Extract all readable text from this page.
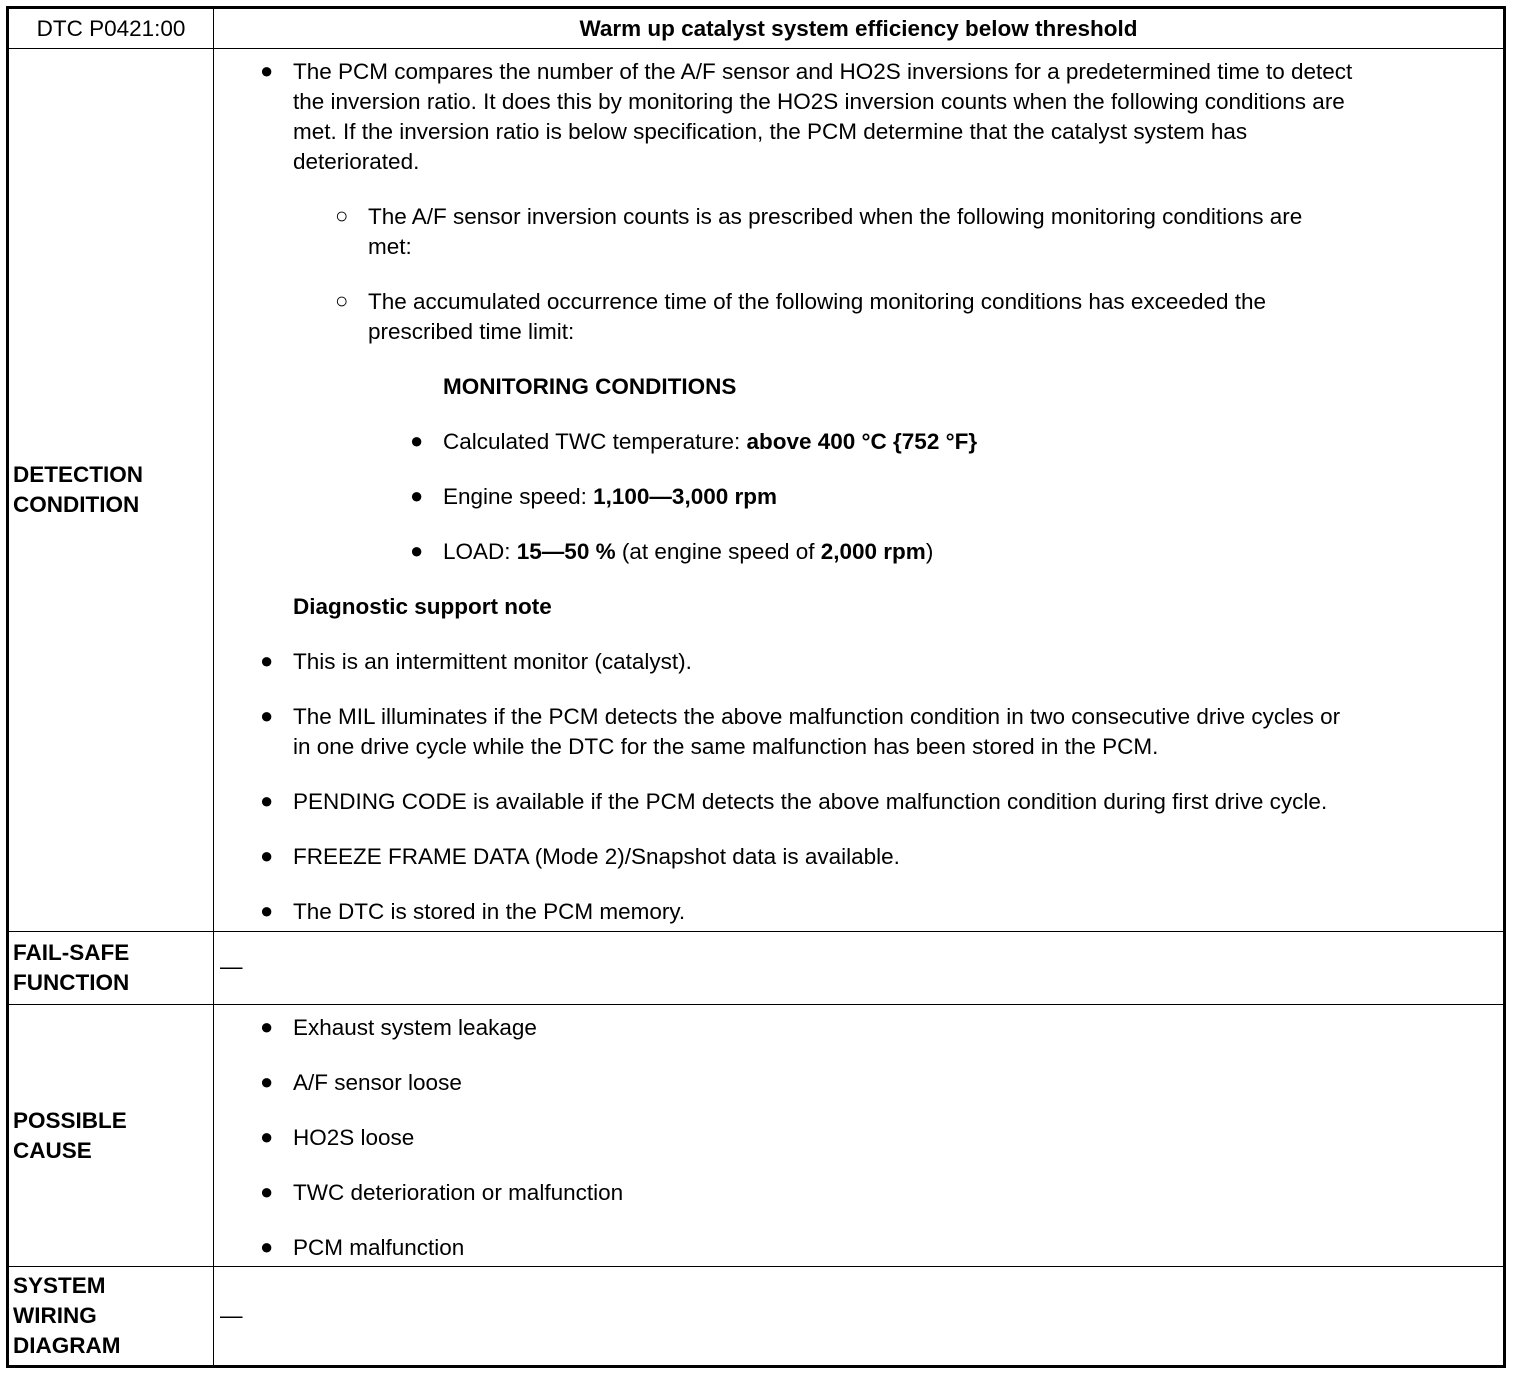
DTC P0421:00	Warm up catalyst system efficiency below threshold
DETECTION
CONDITION
● The PCM compares the number of the A/F sensor and HO2S inversions for a predetermined time to detect
the inversion ratio. It does this by monitoring the HO2S inversion counts when the following conditions are
met. If the inversion ratio is below specification, the PCM determine that the catalyst system has
deteriorated.
○ The A/F sensor inversion counts is as prescribed when the following monitoring conditions are
met:
○ The accumulated occurrence time of the following monitoring conditions has exceeded the
prescribed time limit:
MONITORING CONDITIONS
● Calculated TWC temperature: above 400 °C {752 °F}
● Engine speed: 1,100—3,000 rpm
● LOAD: 15—50 % (at engine speed of 2,000 rpm)
Diagnostic support note
● This is an intermittent monitor (catalyst).
● The MIL illuminates if the PCM detects the above malfunction condition in two consecutive drive cycles or
in one drive cycle while the DTC for the same malfunction has been stored in the PCM.
● PENDING CODE is available if the PCM detects the above malfunction condition during first drive cycle.
● FREEZE FRAME DATA (Mode 2)/Snapshot data is available.
● The DTC is stored in the PCM memory.
FAIL-SAFE
FUNCTION
—
POSSIBLE
CAUSE
● Exhaust system leakage
● A/F sensor loose
● HO2S loose
● TWC deterioration or malfunction
● PCM malfunction
SYSTEM
WIRING
DIAGRAM
—
